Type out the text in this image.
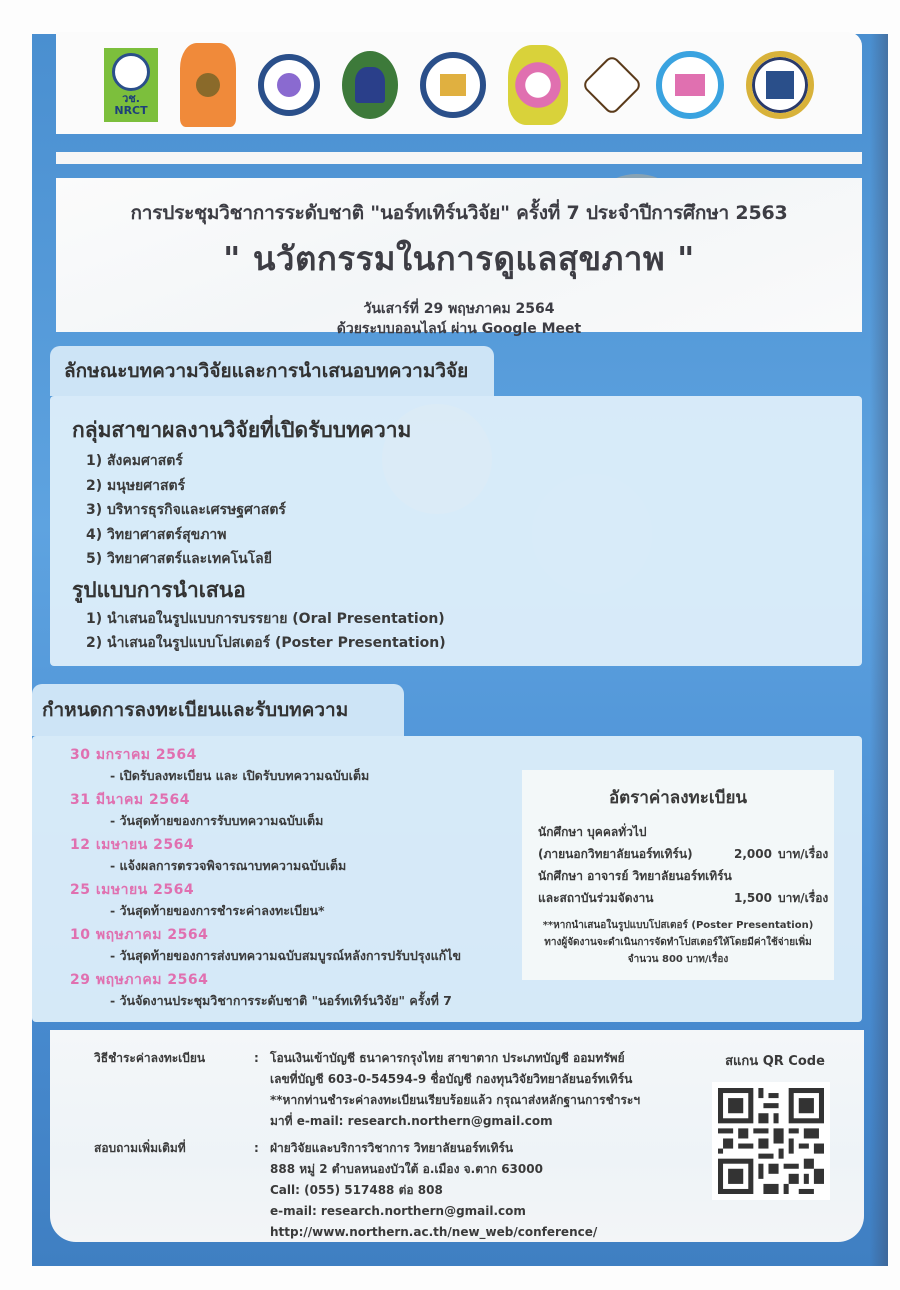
วช. NRCT
การประชุมวิชาการระดับชาติ "นอร์ทเทิร์นวิจัย" ครั้งที่ 7 ประจำปีการศึกษา 2563
" นวัตกรรมในการดูแลสุขภาพ "
วันเสาร์ที่ 29 พฤษภาคม 2564
ด้วยระบบออนไลน์ ผ่าน Google Meet
ลักษณะบทความวิจัยและการนำเสนอบทความวิจัย
กลุ่มสาขาผลงานวิจัยที่เปิดรับบทความ
1) สังคมศาสตร์
2) มนุษยศาสตร์
3) บริหารธุรกิจและเศรษฐศาสตร์
4) วิทยาศาสตร์สุขภาพ
5) วิทยาศาสตร์และเทคโนโลยี
รูปแบบการนำเสนอ
1) นำเสนอในรูปแบบการบรรยาย (Oral Presentation)
2) นำเสนอในรูปแบบโปสเตอร์ (Poster Presentation)
กำหนดการลงทะเบียนและรับบทความ
30 มกราคม 2564
- เปิดรับลงทะเบียน และ เปิดรับบทความฉบับเต็ม
31 มีนาคม 2564
- วันสุดท้ายของการรับบทความฉบับเต็ม
12 เมษายน 2564
- แจ้งผลการตรวจพิจารณาบทความฉบับเต็ม
25 เมษายน 2564
- วันสุดท้ายของการชำระค่าลงทะเบียน*
10 พฤษภาคม 2564
- วันสุดท้ายของการส่งบทความฉบับสมบูรณ์หลังการปรับปรุงแก้ไข
29 พฤษภาคม 2564
- วันจัดงานประชุมวิชาการระดับชาติ "นอร์ทเทิร์นวิจัย" ครั้งที่ 7
อัตราค่าลงทะเบียน
นักศึกษา บุคคลทั่วไป
(ภายนอกวิทยาลัยนอร์ทเทิร์น)	2,000 บาท/เรื่อง
นักศึกษา อาจารย์ วิทยาลัยนอร์ทเทิร์น
และสถาบันร่วมจัดงาน	1,500 บาท/เรื่อง
**หากนำเสนอในรูปแบบโปสเตอร์ (Poster Presentation)
ทางผู้จัดงานจะดำเนินการจัดทำโปสเตอร์ให้โดยมีค่าใช้จ่ายเพิ่ม
จำนวน 800 บาท/เรื่อง
วิธีชำระค่าลงทะเบียน	: โอนเงินเข้าบัญชี ธนาคารกรุงไทย สาขาตาก ประเภทบัญชี ออมทรัพย์
เลขที่บัญชี 603-0-54594-9 ชื่อบัญชี กองทุนวิจัยวิทยาลัยนอร์ทเทิร์น
**หากท่านชำระค่าลงทะเบียนเรียบร้อยแล้ว กรุณาส่งหลักฐานการชำระฯ
มาที่ e-mail: research.northern@gmail.com
สอบถามเพิ่มเติมที่	: ฝ่ายวิจัยและบริการวิชาการ วิทยาลัยนอร์ทเทิร์น
888 หมู่ 2 ตำบลหนองบัวใต้ อ.เมือง จ.ตาก 63000
Call: (055) 517488 ต่อ 808
e-mail: research.northern@gmail.com
http://www.northern.ac.th/new_web/conference/
สแกน QR Code
